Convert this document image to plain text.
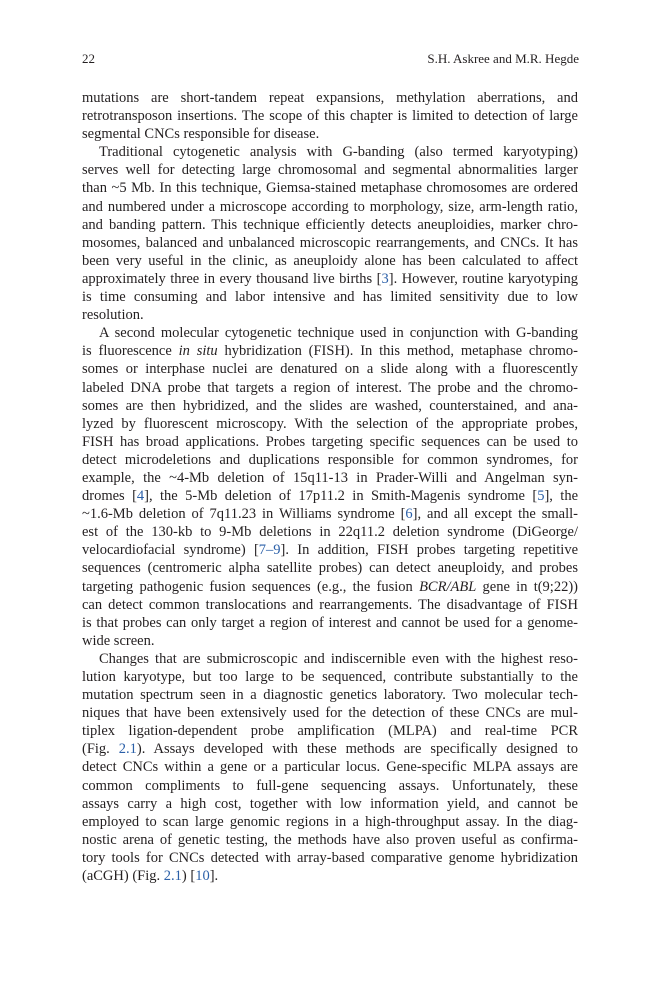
22	S.H. Askree and M.R. Hegde

mutations are short-tandem repeat expansions, methylation aberrations, and

retrotransposon insertions. The scope of this chapter is limited to detection of large

segmental CNCs responsible for disease.

Traditional cytogenetic analysis with G-banding (also termed karyotyping)

serves well for detecting large chromosomal and segmental abnormalities larger

than ~5 Mb. In this technique, Giemsa-stained metaphase chromosomes are ordered

and numbered under a microscope according to morphology, size, arm-length ratio,

and banding pattern. This technique efficiently detects aneuploidies, marker chro-

mosomes, balanced and unbalanced microscopic rearrangements, and CNCs. It has

been very useful in the clinic, as aneuploidy alone has been calculated to affect

approximately three in every thousand live births [3]. However, routine karyotyping

is time consuming and labor intensive and has limited sensitivity due to low

resolution.

A second molecular cytogenetic technique used in conjunction with G-banding

is fluorescence in situ hybridization (FISH). In this method, metaphase chromo-

somes or interphase nuclei are denatured on a slide along with a fluorescently

labeled DNA probe that targets a region of interest. The probe and the chromo-

somes are then hybridized, and the slides are washed, counterstained, and ana-

lyzed by fluorescent microscopy. With the selection of the appropriate probes,

FISH has broad applications. Probes targeting specific sequences can be used to

detect microdeletions and duplications responsible for common syndromes, for

example, the ~4-Mb deletion of 15q11-13 in Prader-Willi and Angelman syn-

dromes [4], the 5-Mb deletion of 17p11.2 in Smith-Magenis syndrome [5], the

~1.6-Mb deletion of 7q11.23 in Williams syndrome [6], and all except the small-

est of the 130-kb to 9-Mb deletions in 22q11.2 deletion syndrome (DiGeorge/

velocardiofacial syndrome) [7–9]. In addition, FISH probes targeting repetitive

sequences (centromeric alpha satellite probes) can detect aneuploidy, and probes

targeting pathogenic fusion sequences (e.g., the fusion BCR/ABL gene in t(9;22))

can detect common translocations and rearrangements. The disadvantage of FISH

is that probes can only target a region of interest and cannot be used for a genome-

wide screen.

Changes that are submicroscopic and indiscernible even with the highest reso-

lution karyotype, but too large to be sequenced, contribute substantially to the

mutation spectrum seen in a diagnostic genetics laboratory. Two molecular tech-

niques that have been extensively used for the detection of these CNCs are mul-

tiplex ligation-dependent probe amplification (MLPA) and real-time PCR

(Fig. 2.1). Assays developed with these methods are specifically designed to

detect CNCs within a gene or a particular locus. Gene-specific MLPA assays are

common compliments to full-gene sequencing assays. Unfortunately, these

assays carry a high cost, together with low information yield, and cannot be

employed to scan large genomic regions in a high-throughput assay. In the diag-

nostic arena of genetic testing, the methods have also proven useful as confirma-

tory tools for CNCs detected with array-based comparative genome hybridization

(aCGH) (Fig. 2.1) [10].
